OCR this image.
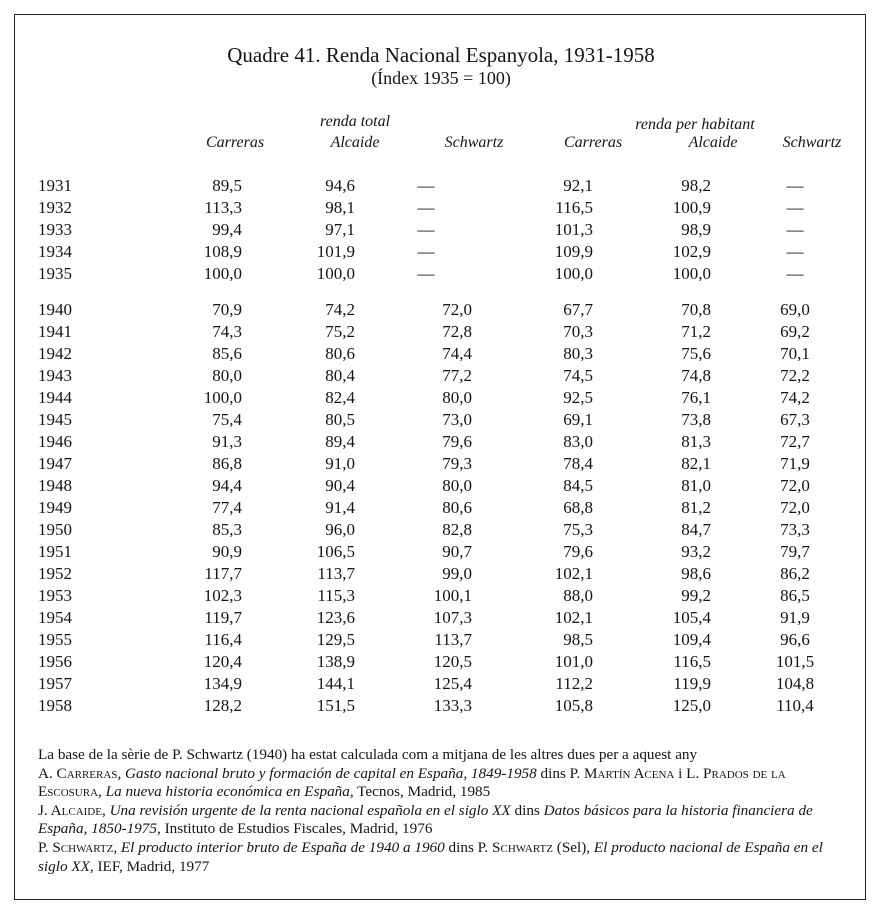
Quadre 41. Renda Nacional Espanyola, 1931-1958
(Índex 1935 = 100)
renda total	renda per habitant
Carreras	Alcaide	Schwartz	Carreras	Alcaide	Schwartz
	1931	89,5	94,6	—	92,1	98,2	—
	1932	113,3	98,1	—	116,5	100,9	—
	1933	99,4	97,1	—	101,3	98,9	—
	1934	108,9	101,9	—	109,9	102,9	—
	1935	100,0	100,0	—	100,0	100,0	—

	1940	70,9	74,2	72,0	67,7	70,8	69,0
	1941	74,3	75,2	72,8	70,3	71,2	69,2
	1942	85,6	80,6	74,4	80,3	75,6	70,1
	1943	80,0	80,4	77,2	74,5	74,8	72,2
	1944	100,0	82,4	80,0	92,5	76,1	74,2
	1945	75,4	80,5	73,0	69,1	73,8	67,3
	1946	91,3	89,4	79,6	83,0	81,3	72,7
	1947	86,8	91,0	79,3	78,4	82,1	71,9
	1948	94,4	90,4	80,0	84,5	81,0	72,0
	1949	77,4	91,4	80,6	68,8	81,2	72,0
	1950	85,3	96,0	82,8	75,3	84,7	73,3
	1951	90,9	106,5	90,7	79,6	93,2	79,7
	1952	117,7	113,7	99,0	102,1	98,6	86,2
	1953	102,3	115,3	100,1	88,0	99,2	86,5
	1954	119,7	123,6	107,3	102,1	105,4	91,9
	1955	116,4	129,5	113,7	98,5	109,4	96,6
	1956	120,4	138,9	120,5	101,0	116,5	101,5
	1957	134,9	144,1	125,4	112,2	119,9	104,8
	1958	128,2	151,5	133,3	105,8	125,0	110,4

La base de la sèrie de P. Schwartz (1940) ha estat calculada com a mitjana de les altres dues per a aquest any

A. Carreras, Gasto nacional bruto y formación de capital en España, 1849-1958 dins P. Martín Acena i L. Prados de la Escosura, La nueva historia económica en España, Tecnos, Madrid, 1985

J. Alcaide, Una revisión urgente de la renta nacional española en el siglo XX dins Datos básicos para la historia financiera de España, 1850-1975, Instituto de Estudios Fiscales, Madrid, 1976

P. Schwartz, El producto interior bruto de España de 1940 a 1960 dins P. Schwartz (Sel), El producto nacional de España en el siglo XX, IEF, Madrid, 1977
